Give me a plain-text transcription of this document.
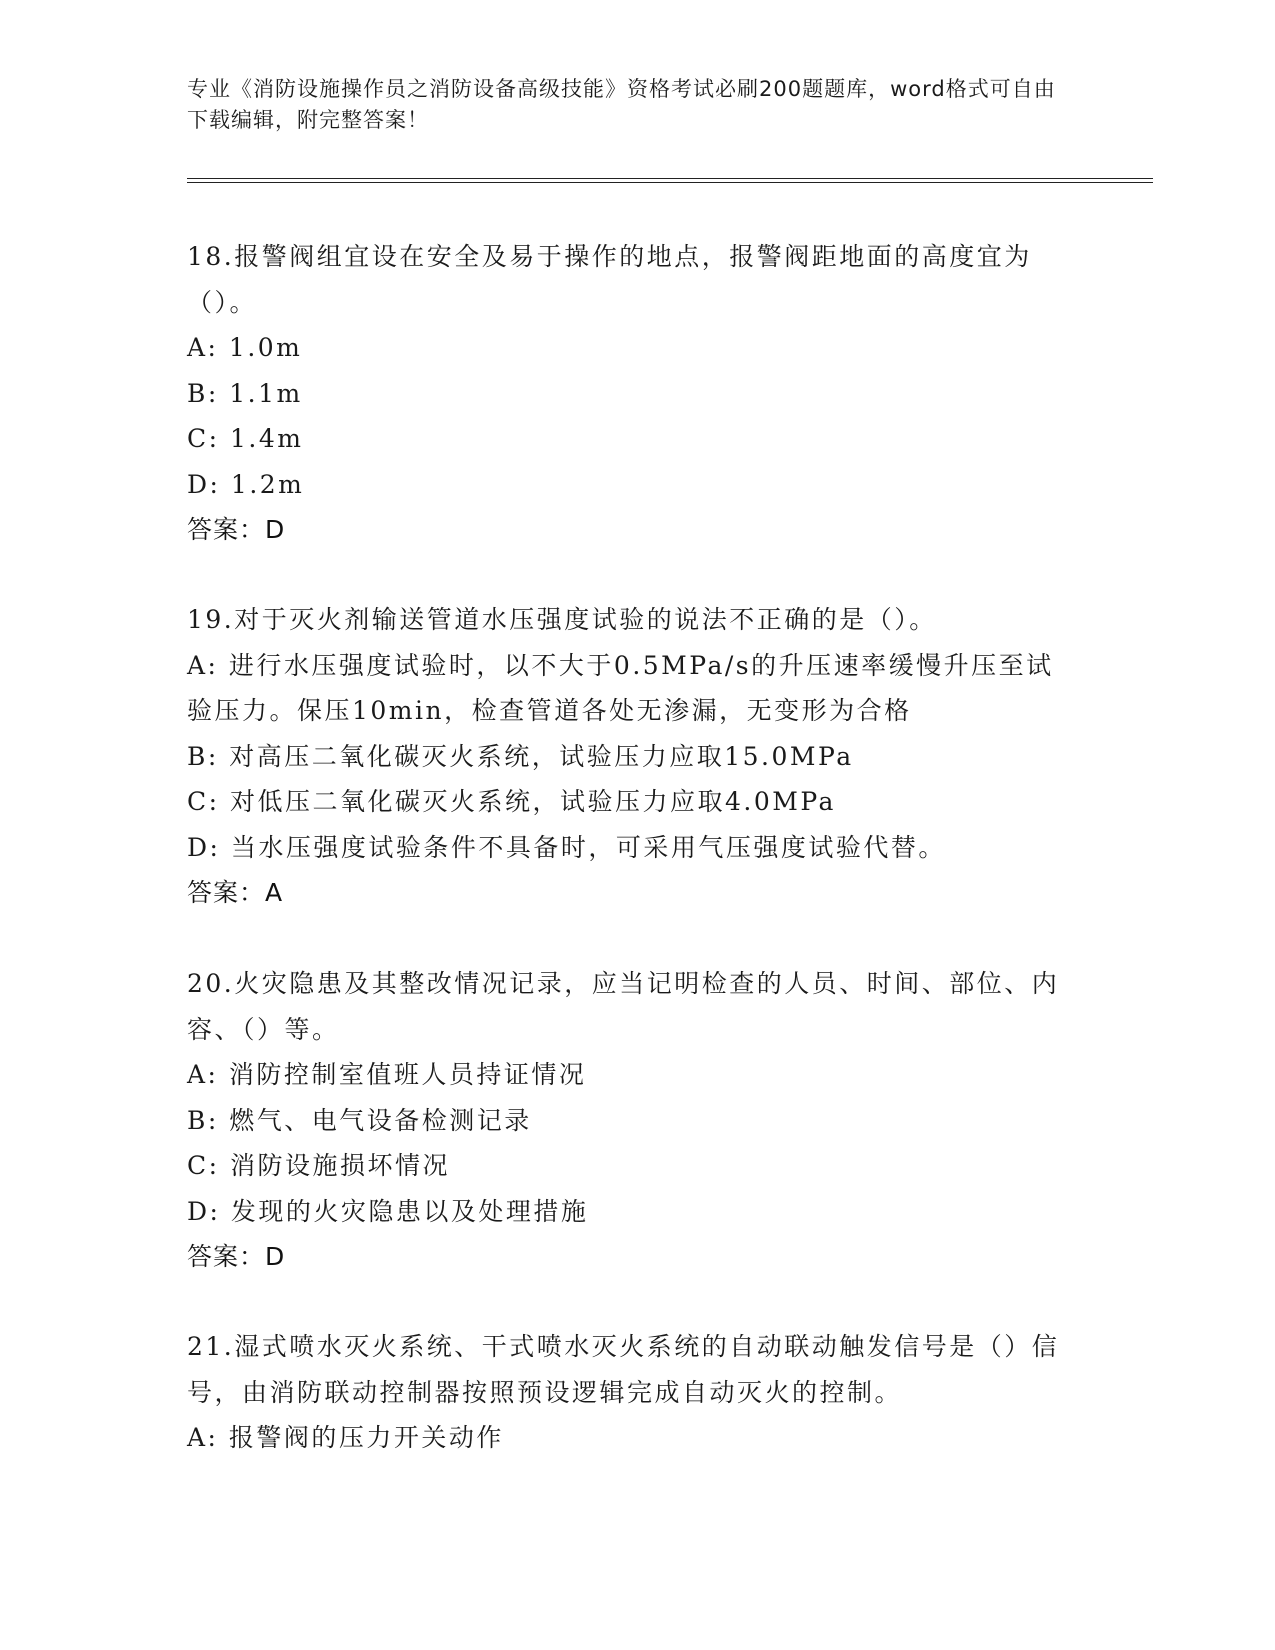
专业《消防设施操作员之消防设备高级技能》资格考试必刷200题题库，word格式可自由下载编辑，附完整答案！

18.报警阀组宜设在安全及易于操作的地点，报警阀距地面的高度宜为（）。

A: 1.0m

B: 1.1m

C: 1.4m

D: 1.2m

答案：D

19.对于灭火剂输送管道水压强度试验的说法不正确的是（）。

A: 进行水压强度试验时，以不大于0.5MPa/s的升压速率缓慢升压至试验压力。保压10min，检查管道各处无渗漏，无变形为合格

B: 对高压二氧化碳灭火系统，试验压力应取15.0MPa

C: 对低压二氧化碳灭火系统，试验压力应取4.0MPa

D: 当水压强度试验条件不具备时，可采用气压强度试验代替。

答案：A

20.火灾隐患及其整改情况记录，应当记明检查的人员、时间、部位、内容、（）等。

A: 消防控制室值班人员持证情况

B: 燃气、电气设备检测记录

C: 消防设施损坏情况

D: 发现的火灾隐患以及处理措施

答案：D

21.湿式喷水灭火系统、干式喷水灭火系统的自动联动触发信号是（）信号，由消防联动控制器按照预设逻辑完成自动灭火的控制。

A: 报警阀的压力开关动作
